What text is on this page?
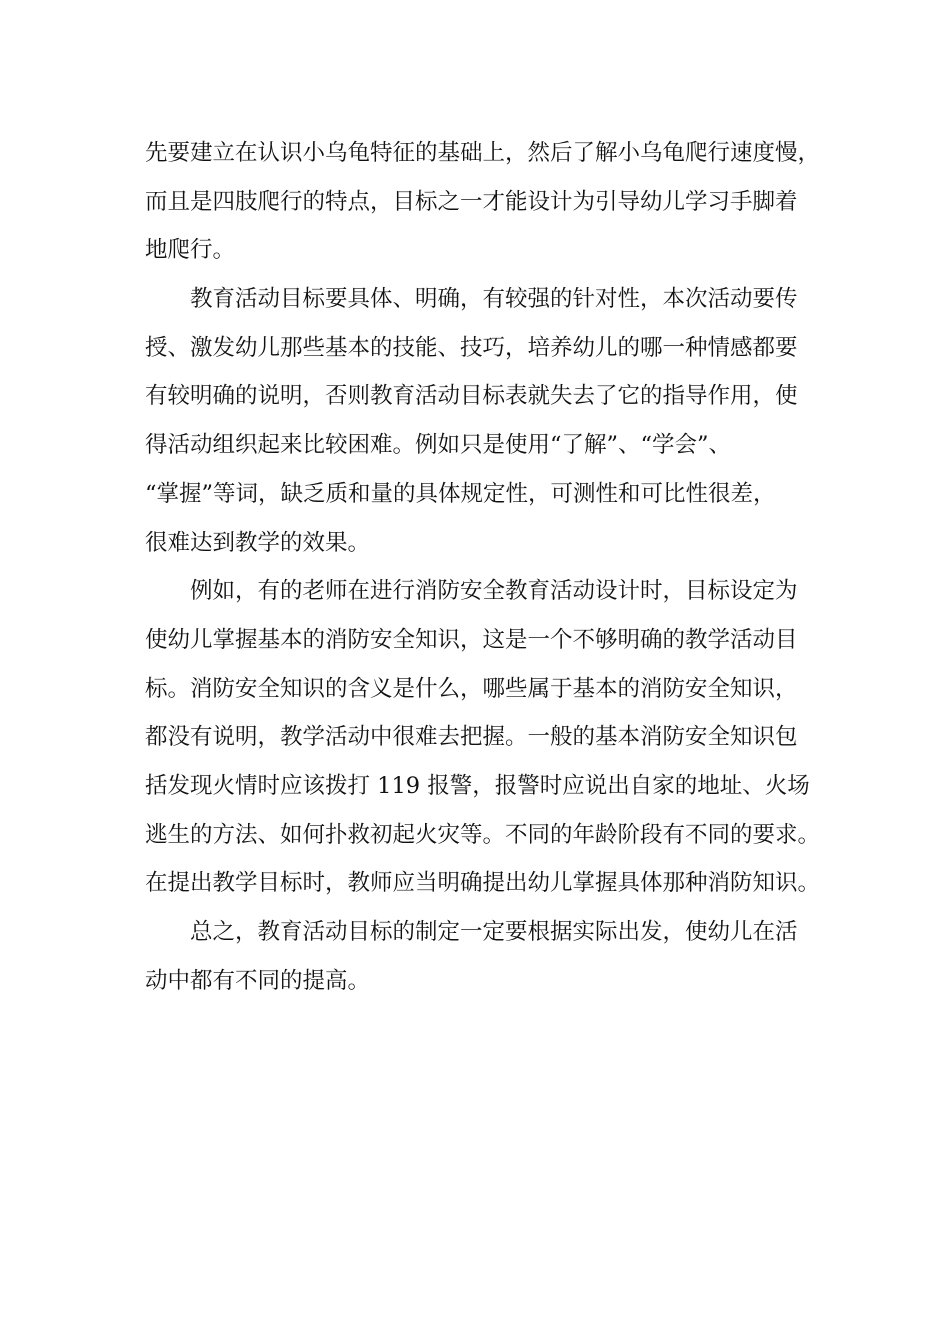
先要建立在认识小乌龟特征的基础上，然后了解小乌龟爬行速度慢，
而且是四肢爬行的特点，目标之一才能设计为引导幼儿学习手脚着
地爬行。
教育活动目标要具体、明确，有较强的针对性，本次活动要传
授、激发幼儿那些基本的技能、技巧，培养幼儿的哪一种情感都要
有较明确的说明，否则教育活动目标表就失去了它的指导作用，使
得活动组织起来比较困难。例如只是使用“了解”、“学会”、
“掌握”等词，缺乏质和量的具体规定性，可测性和可比性很差，
很难达到教学的效果。
例如，有的老师在进行消防安全教育活动设计时，目标设定为
使幼儿掌握基本的消防安全知识，这是一个不够明确的教学活动目
标。消防安全知识的含义是什么，哪些属于基本的消防安全知识，
都没有说明，教学活动中很难去把握。一般的基本消防安全知识包
括发现火情时应该拨打 119 报警，报警时应说出自家的地址、火场
逃生的方法、如何扑救初起火灾等。不同的年龄阶段有不同的要求。
在提出教学目标时，教师应当明确提出幼儿掌握具体那种消防知识。
总之，教育活动目标的制定一定要根据实际出发，使幼儿在活
动中都有不同的提高。
